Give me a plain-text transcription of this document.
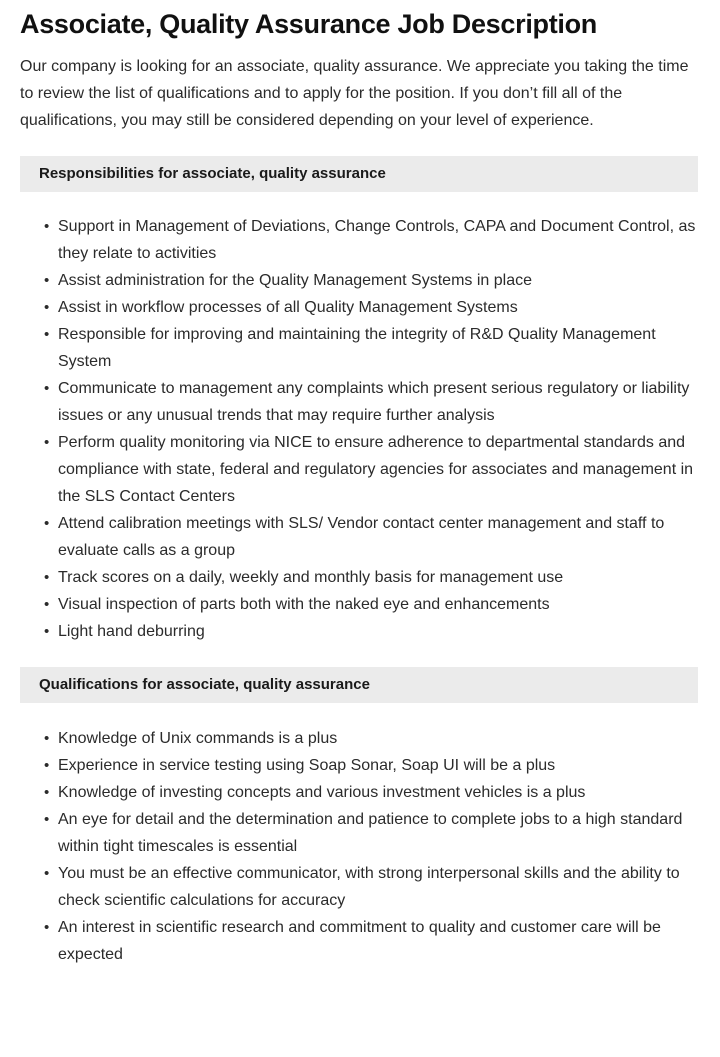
Associate, Quality Assurance Job Description

Our company is looking for an associate, quality assurance. We appreciate you taking the time to review the list of qualifications and to apply for the position. If you don’t fill all of the qualifications, you may still be considered depending on your level of experience.

Responsibilities for associate, quality assurance
• Support in Management of Deviations, Change Controls, CAPA and Document Control, as they relate to activities
• Assist administration for the Quality Management Systems in place
• Assist in workflow processes of all Quality Management Systems
• Responsible for improving and maintaining the integrity of R&D Quality Management System
• Communicate to management any complaints which present serious regulatory or liability issues or any unusual trends that may require further analysis
• Perform quality monitoring via NICE to ensure adherence to departmental standards and compliance with state, federal and regulatory agencies for associates and management in the SLS Contact Centers
• Attend calibration meetings with SLS/ Vendor contact center management and staff to evaluate calls as a group
• Track scores on a daily, weekly and monthly basis for management use
• Visual inspection of parts both with the naked eye and enhancements
• Light hand deburring
Qualifications for associate, quality assurance
• Knowledge of Unix commands is a plus
• Experience in service testing using Soap Sonar, Soap UI will be a plus
• Knowledge of investing concepts and various investment vehicles is a plus
• An eye for detail and the determination and patience to complete jobs to a high standard within tight timescales is essential
• You must be an effective communicator, with strong interpersonal skills and the ability to check scientific calculations for accuracy
• An interest in scientific research and commitment to quality and customer care will be expected
